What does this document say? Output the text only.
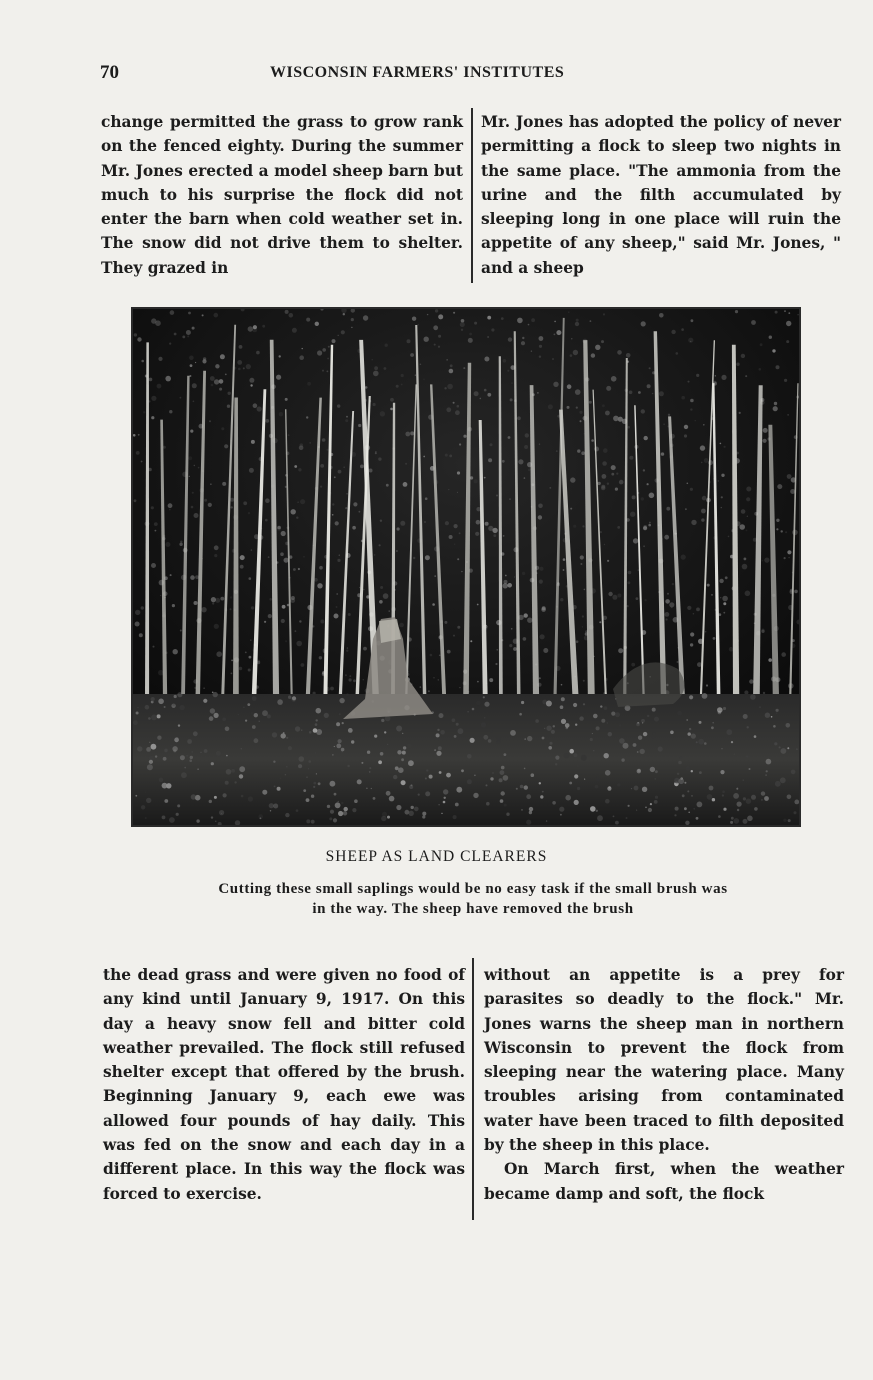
70	WISCONSIN FARMERS' INSTITUTES

change permitted the grass to grow rank on the fenced eighty. During the summer Mr. Jones erected a model sheep barn but much to his surprise the flock did not enter the barn when cold weather set in. The snow did not drive them to shelter. They grazed in

Mr. Jones has adopted the policy of never permitting a flock to sleep two nights in the same place. "The ammonia from the urine and the filth accumulated by sleeping long in one place will ruin the appetite of any sheep," said Mr. Jones, " and a sheep

SHEEP AS LAND CLEARERS
Cutting these small saplings would be no easy task if the small brush was
in the way. The sheep have removed the brush

the dead grass and were given no food of any kind until January 9, 1917. On this day a heavy snow fell and bitter cold weather prevailed. The flock still refused shelter except that offered by the brush. Beginning January 9, each ewe was allowed four pounds of hay daily. This was fed on the snow and each day in a different place. In this way the flock was forced to exercise.

without an appetite is a prey for parasites so deadly to the flock." Mr. Jones warns the sheep man in northern Wisconsin to prevent the flock from sleeping near the watering place. Many troubles arising from contaminated water have been traced to filth deposited by the sheep in this place.

On March first, when the weather became damp and soft, the flock
